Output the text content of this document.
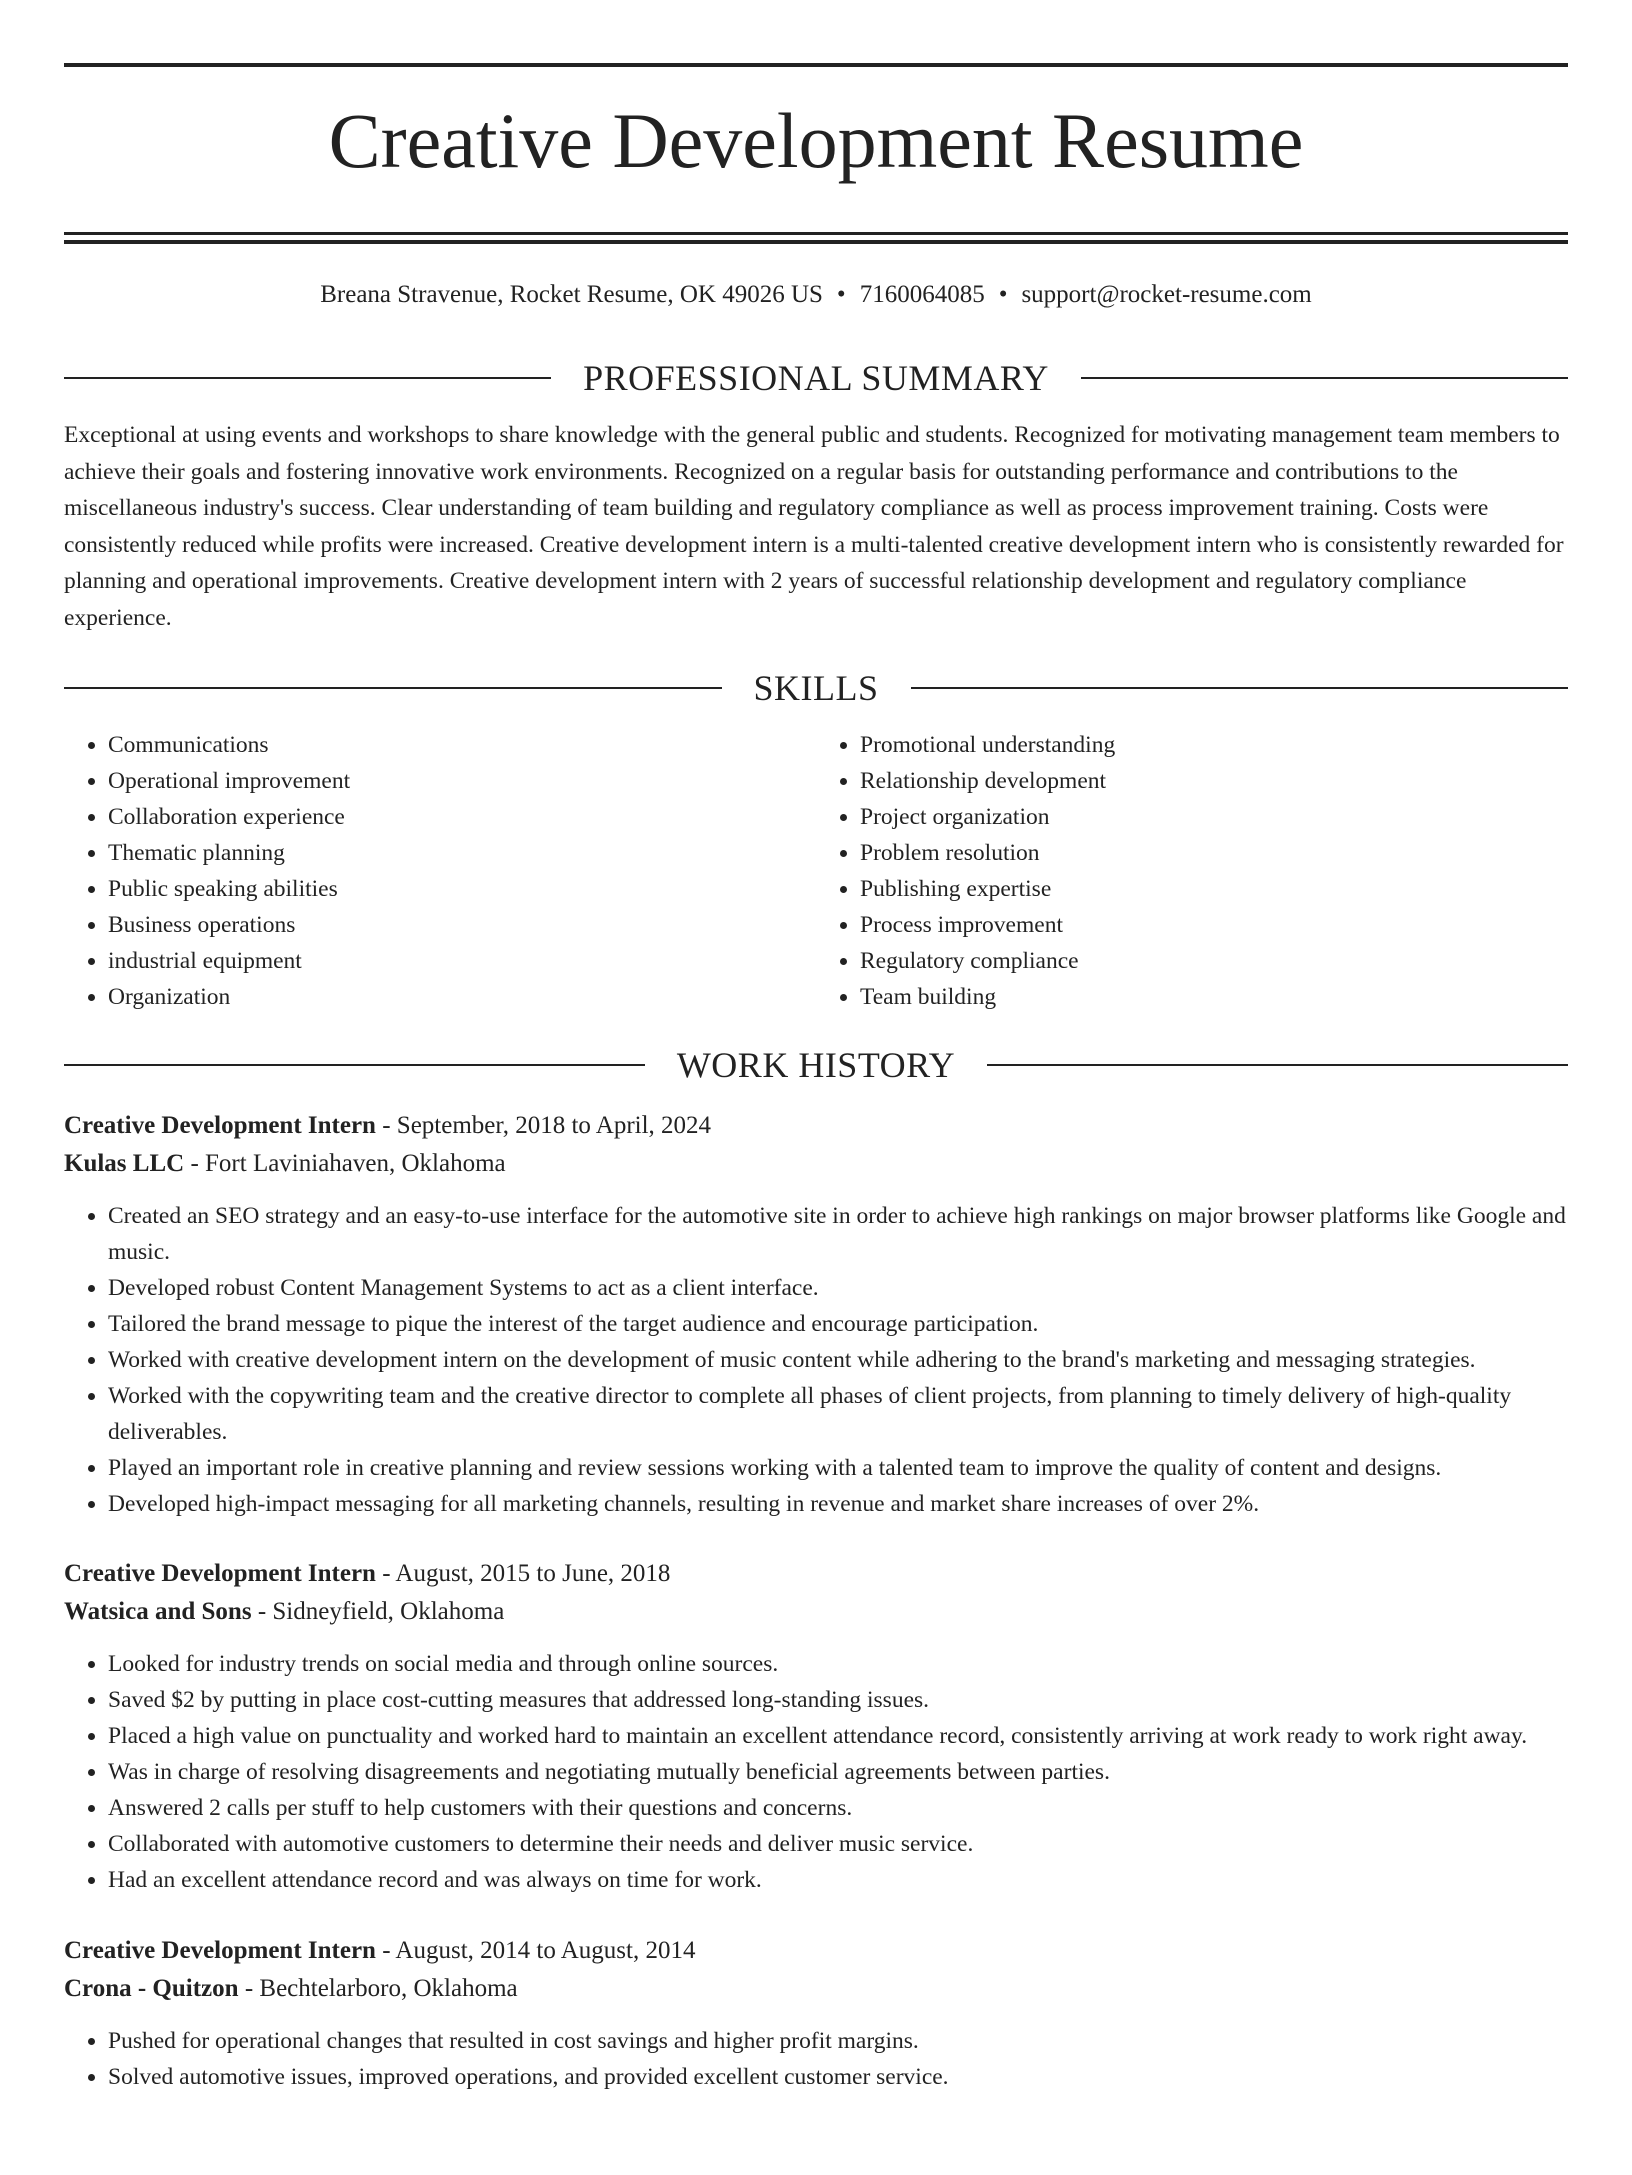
Creative Development Resume
Breana Stravenue, Rocket Resume, OK 49026 US • 7160064085 • support@rocket-resume.com
PROFESSIONAL SUMMARY

Exceptional at using events and workshops to share knowledge with the general public and students. Recognized for motivating management team members to achieve their goals and fostering innovative work environments. Recognized on a regular basis for outstanding performance and contributions to the miscellaneous industry's success. Clear understanding of team building and regulatory compliance as well as process improvement training. Costs were consistently reduced while profits were increased. Creative development intern is a multi-talented creative development intern who is consistently rewarded for planning and operational improvements. Creative development intern with 2 years of successful relationship development and regulatory compliance experience.

SKILLS
• Communications
• Operational improvement
• Collaboration experience
• Thematic planning
• Public speaking abilities
• Business operations
• industrial equipment
• Organization
• Promotional understanding
• Relationship development
• Project organization
• Problem resolution
• Publishing expertise
• Process improvement
• Regulatory compliance
• Team building
WORK HISTORY
Creative Development Intern - September, 2018 to April, 2024
Kulas LLC - Fort Laviniahaven, Oklahoma
• Created an SEO strategy and an easy-to-use interface for the automotive site in order to achieve high rankings on major browser platforms like Google and music.
• Developed robust Content Management Systems to act as a client interface.
• Tailored the brand message to pique the interest of the target audience and encourage participation.
• Worked with creative development intern on the development of music content while adhering to the brand's marketing and messaging strategies.
• Worked with the copywriting team and the creative director to complete all phases of client projects, from planning to timely delivery of high-quality deliverables.
• Played an important role in creative planning and review sessions working with a talented team to improve the quality of content and designs.
• Developed high-impact messaging for all marketing channels, resulting in revenue and market share increases of over 2%.
Creative Development Intern - August, 2015 to June, 2018
Watsica and Sons - Sidneyfield, Oklahoma
• Looked for industry trends on social media and through online sources.
• Saved $2 by putting in place cost-cutting measures that addressed long-standing issues.
• Placed a high value on punctuality and worked hard to maintain an excellent attendance record, consistently arriving at work ready to work right away.
• Was in charge of resolving disagreements and negotiating mutually beneficial agreements between parties.
• Answered 2 calls per stuff to help customers with their questions and concerns.
• Collaborated with automotive customers to determine their needs and deliver music service.
• Had an excellent attendance record and was always on time for work.
Creative Development Intern - August, 2014 to August, 2014
Crona - Quitzon - Bechtelarboro, Oklahoma
• Pushed for operational changes that resulted in cost savings and higher profit margins.
• Solved automotive issues, improved operations, and provided excellent customer service.
